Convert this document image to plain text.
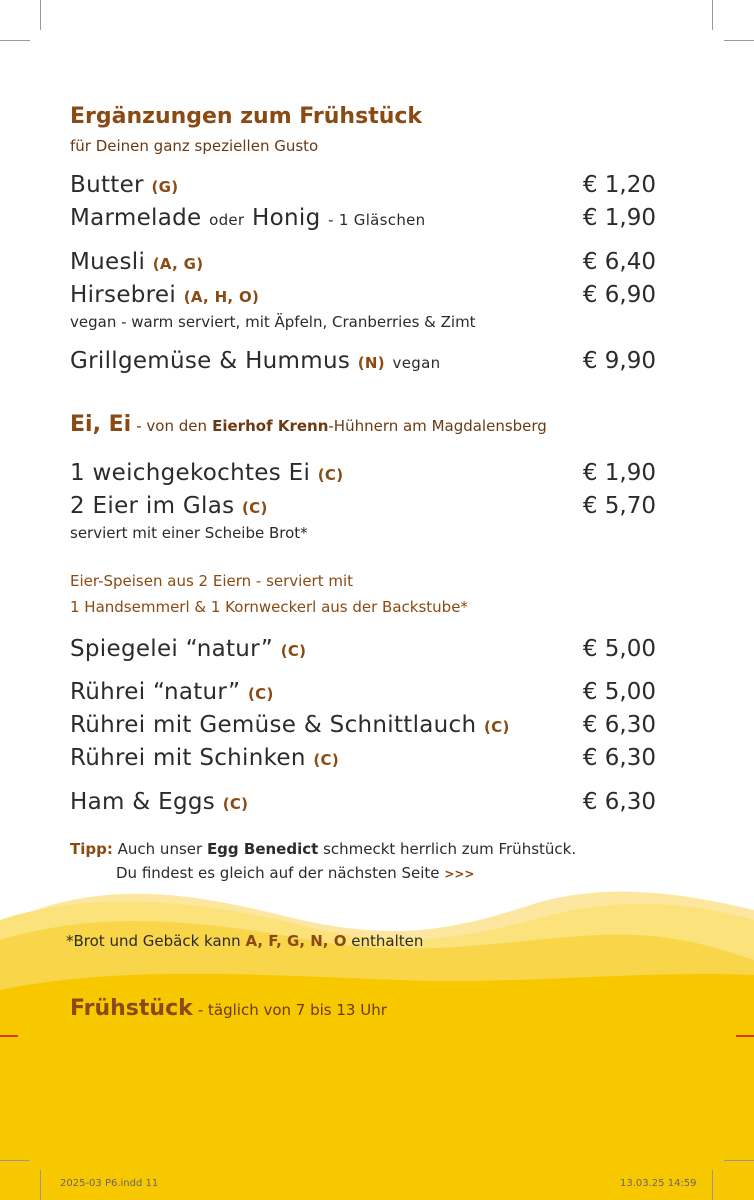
Ergänzungen zum Frühstück
für Deinen ganz speziellen Gusto
Butter (G)	€ 1,20
Marmelade oder Honig - 1 Gläschen	€ 1,90
Muesli (A, G)	€ 6,40
Hirsebrei (A, H, O)	€ 6,90
vegan - warm serviert, mit Äpfeln, Cranberries & Zimt
Grillgemüse & Hummus (N) vegan	€ 9,90
Ei, Ei - von den Eierhof Krenn-Hühnern am Magdalensberg
1 weichgekochtes Ei (C)	€ 1,90
2 Eier im Glas (C)	€ 5,70
serviert mit einer Scheibe Brot*
Eier-Speisen aus 2 Eiern - serviert mit
1 Handsemmerl & 1 Kornweckerl aus der Backstube*
Spiegelei “natur” (C)	€ 5,00
Rührei “natur” (C)	€ 5,00
Rührei mit Gemüse & Schnittlauch (C)	€ 6,30
Rührei mit Schinken (C)	€ 6,30
Ham & Eggs (C)	€ 6,30
Tipp: Auch unser Egg Benedict schmeckt herrlich zum Frühstück.
Du findest es gleich auf der nächsten Seite >>>
*Brot und Gebäck kann A, F, G, N, O enthalten
Frühstück - täglich von 7 bis 13 Uhr
2025-03 P6.indd 11	13.03.25 14:59
